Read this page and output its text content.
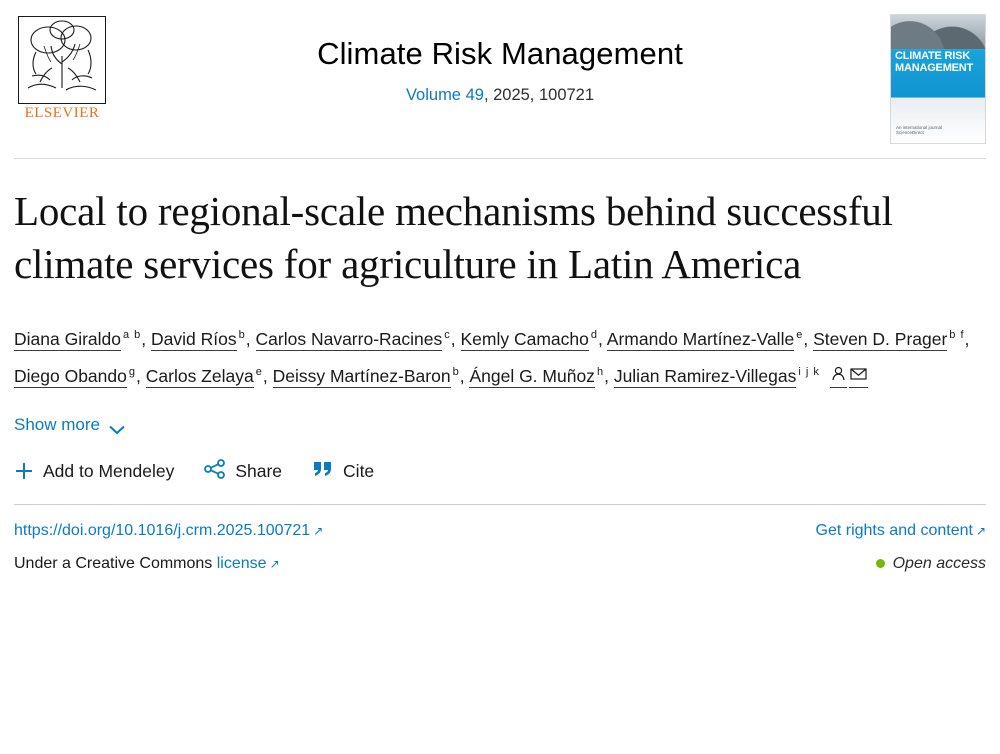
ELSEVIER
Climate Risk Management
Volume 49, 2025, 100721
CLIMATE RISK MANAGEMENT
An international journal
ScienceDirect
Local to regional-scale mechanisms behind successful climate services for agriculture in Latin America
Diana Giraldo $^{a b}$, David Ríos $^b$, Carlos Navarro-Racines $^c$, Kemly Camacho $^d$, Armando Martínez-Valle $^e$, Steven D. Prager $^{b f}$, Diego Obando $^g$, Carlos Zelaya $^e$, Deissy Martínez-Baron $^b$, Ángel G. Muñoz $^h$, Julian Ramirez-Villegas $^{i j k}$
Show more
Add to Mendeley	Share	Cite
https://doi.org/10.1016/j.crm.2025.100721 ↗	Get rights and content ↗
Under a Creative Commons license ↗	Open access
